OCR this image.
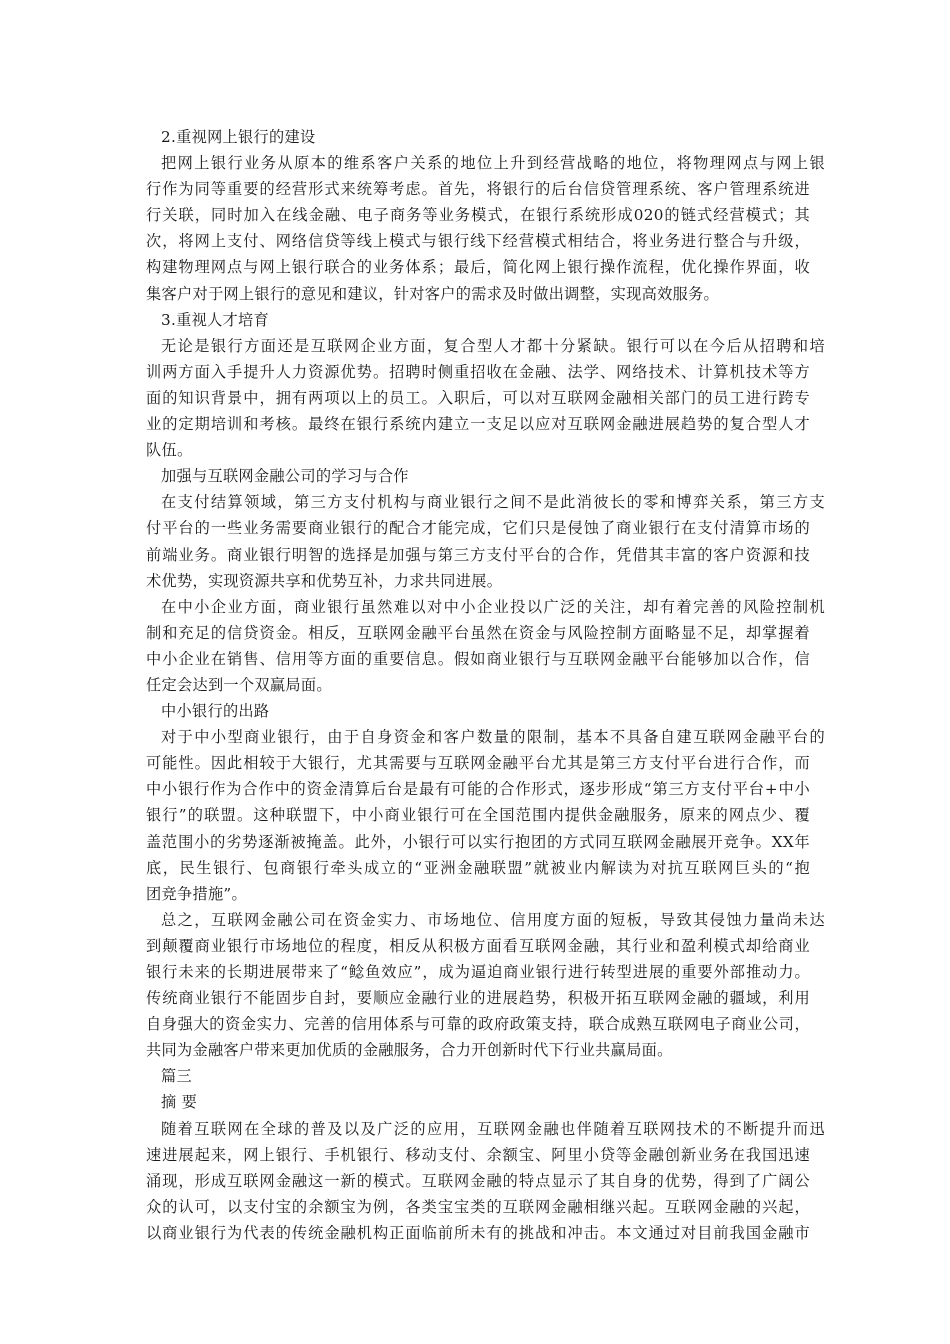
2.重视网上银行的建设
把网上银行业务从原本的维系客户关系的地位上升到经营战略的地位，将物理网点与网上银
行作为同等重要的经营形式来统筹考虑。首先，将银行的后台信贷管理系统、客户管理系统进
行关联，同时加入在线金融、电子商务等业务模式，在银行系统形成020的链式经营模式；其
次，将网上支付、网络信贷等线上模式与银行线下经营模式相结合，将业务进行整合与升级，
构建物理网点与网上银行联合的业务体系；最后，简化网上银行操作流程，优化操作界面，收
集客户对于网上银行的意见和建议，针对客户的需求及时做出调整，实现高效服务。
3.重视人才培育
无论是银行方面还是互联网企业方面，复合型人才都十分紧缺。银行可以在今后从招聘和培
训两方面入手提升人力资源优势。招聘时侧重招收在金融、法学、网络技术、计算机技术等方
面的知识背景中，拥有两项以上的员工。入职后，可以对互联网金融相关部门的员工进行跨专
业的定期培训和考核。最终在银行系统内建立一支足以应对互联网金融进展趋势的复合型人才
队伍。
加强与互联网金融公司的学习与合作
在支付结算领域，第三方支付机构与商业银行之间不是此消彼长的零和博弈关系，第三方支
付平台的一些业务需要商业银行的配合才能完成，它们只是侵蚀了商业银行在支付清算市场的
前端业务。商业银行明智的选择是加强与第三方支付平台的合作，凭借其丰富的客户资源和技
术优势，实现资源共享和优势互补，力求共同进展。
在中小企业方面，商业银行虽然难以对中小企业投以广泛的关注，却有着完善的风险控制机
制和充足的信贷资金。相反，互联网金融平台虽然在资金与风险控制方面略显不足，却掌握着
中小企业在销售、信用等方面的重要信息。假如商业银行与互联网金融平台能够加以合作，信
任定会达到一个双赢局面。
中小银行的出路
对于中小型商业银行，由于自身资金和客户数量的限制，基本不具备自建互联网金融平台的
可能性。因此相较于大银行，尤其需要与互联网金融平台尤其是第三方支付平台进行合作，而
中小银行作为合作中的资金清算后台是最有可能的合作形式，逐步形成“第三方支付平台+中小
银行”的联盟。这种联盟下，中小商业银行可在全国范围内提供金融服务，原来的网点少、覆
盖范围小的劣势逐渐被掩盖。此外，小银行可以实行抱团的方式同互联网金融展开竞争。XX年
底，民生银行、包商银行牵头成立的“亚洲金融联盟”就被业内解读为对抗互联网巨头的“抱
团竞争措施”。
总之，互联网金融公司在资金实力、市场地位、信用度方面的短板，导致其侵蚀力量尚未达
到颠覆商业银行市场地位的程度，相反从积极方面看互联网金融，其行业和盈利模式却给商业
银行未来的长期进展带来了“鲶鱼效应”，成为逼迫商业银行进行转型进展的重要外部推动力。
传统商业银行不能固步自封，要顺应金融行业的进展趋势，积极开拓互联网金融的疆域，利用
自身强大的资金实力、完善的信用体系与可靠的政府政策支持，联合成熟互联网电子商业公司，
共同为金融客户带来更加优质的金融服务，合力开创新时代下行业共赢局面。
篇三
摘 要
随着互联网在全球的普及以及广泛的应用，互联网金融也伴随着互联网技术的不断提升而迅
速进展起来，网上银行、手机银行、移动支付、余额宝、阿里小贷等金融创新业务在我国迅速
涌现，形成互联网金融这一新的模式。互联网金融的特点显示了其自身的优势，得到了广阔公
众的认可，以支付宝的余额宝为例，各类宝宝类的互联网金融相继兴起。互联网金融的兴起，
以商业银行为代表的传统金融机构正面临前所未有的挑战和冲击。本文通过对目前我国金融市
